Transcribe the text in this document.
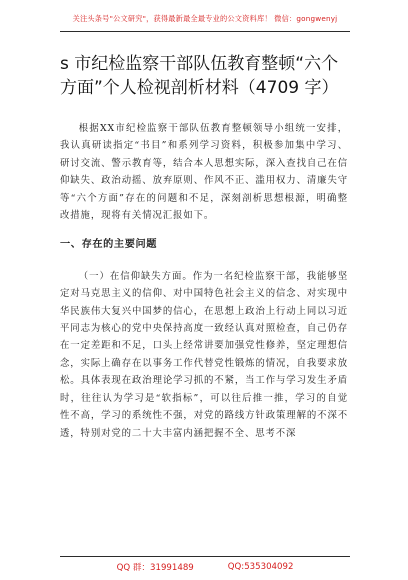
关注头条号"公文研究"，获得最新最全最专业的公文资料库！ 微信：gongwenyj
s 市纪检监察干部队伍教育整顿“六个方面”个人检视剖析材料（4709 字）

根据XX市纪检监察干部队伍教育整顿领导小组统一安排，我认真研读指定“书目”和系列学习资料，积极参加集中学习、研讨交流、警示教育等，结合本人思想实际，深入查找自己在信仰缺失、政治动摇、放弃原则、作风不正、滥用权力、清廉失守等“六个方面”存在的问题和不足，深刻剖析思想根源，明确整改措施，现将有关情况汇报如下。

一、存在的主要问题

（一）在信仰缺失方面。作为一名纪检监察干部，我能够坚定对马克思主义的信仰、对中国特色社会主义的信念、对实现中华民族伟大复兴中国梦的信心，在思想上政治上行动上同以习近平同志为核心的党中央保持高度一致经认真对照检查，自己仍存在一定差距和不足，口头上经常讲要加强党性修养，坚定理想信念，实际上确存在以事务工作代替党性锻炼的情况，自我要求放松。具体表现在政治理论学习抓的不紧，当工作与学习发生矛盾时，往往认为学习是“软指标”，可以往后推一推，学习的自觉性不高，学习的系统性不强，对党的路线方针政策理解的不深不透，特别对党的二十大丰富内涵把握不全、思考不深

QQ 群：31991489	QQ:535304092
